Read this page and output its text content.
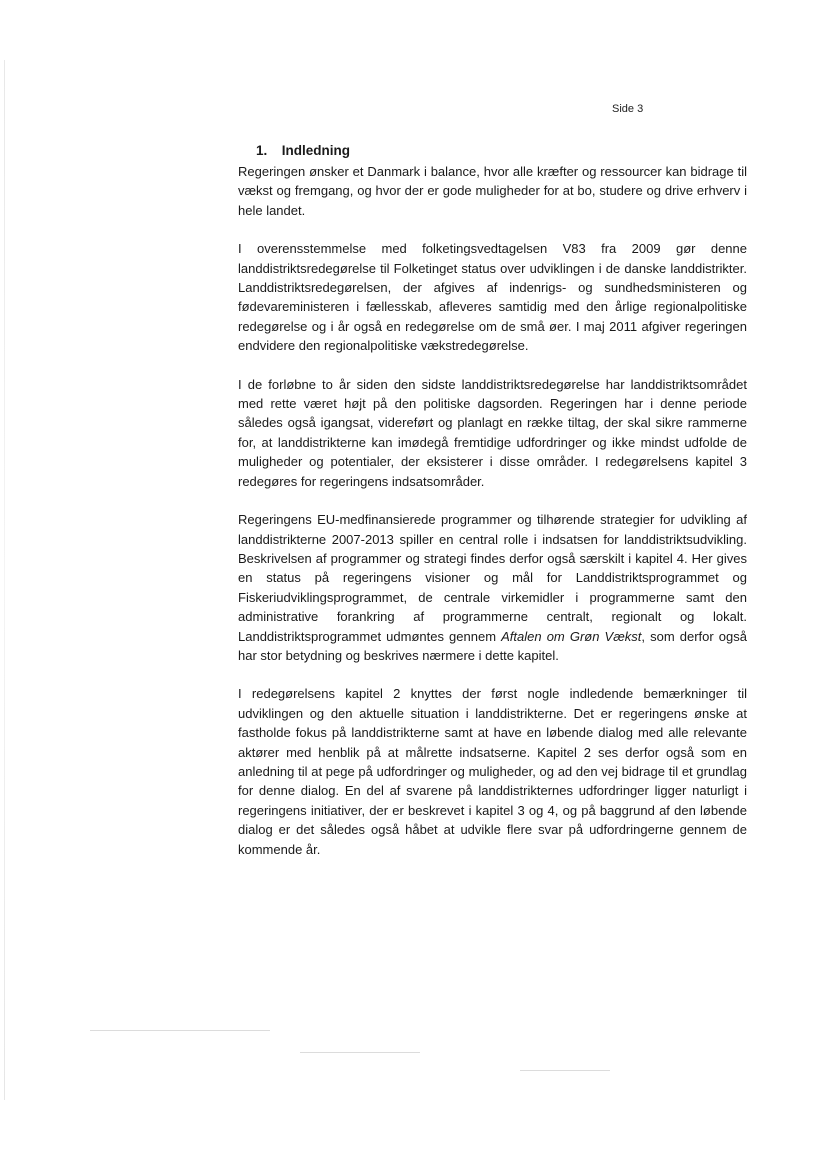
Side 3
1. Indledning

Regeringen ønsker et Danmark i balance, hvor alle kræfter og ressourcer kan bidrage til vækst og fremgang, og hvor der er gode muligheder for at bo, studere og drive erhverv i hele landet.

I overensstemmelse med folketingsvedtagelsen V83 fra 2009 gør denne landdistriktsredegørelse til Folketinget status over udviklingen i de danske landdistrikter. Landdistriktsredegørelsen, der afgives af indenrigs- og sundhedsministeren og fødevareministeren i fællesskab, afleveres samtidig med den årlige regionalpolitiske redegørelse og i år også en redegørelse om de små øer. I maj 2011 afgiver regeringen endvidere den regionalpolitiske vækstredegørelse.

I de forløbne to år siden den sidste landdistriktsredegørelse har landdistriktsområdet med rette været højt på den politiske dagsorden. Regeringen har i denne periode således også igangsat, videreført og planlagt en række tiltag, der skal sikre rammerne for, at landdistrikterne kan imødegå fremtidige udfordringer og ikke mindst udfolde de muligheder og potentialer, der eksisterer i disse områder. I redegørelsens kapitel 3 redegøres for regeringens indsatsområder.

Regeringens EU-medfinansierede programmer og tilhørende strategier for udvikling af landdistrikterne 2007-2013 spiller en central rolle i indsatsen for landdistriktsudvikling. Beskrivelsen af programmer og strategi findes derfor også særskilt i kapitel 4. Her gives en status på regeringens visioner og mål for Landdistriktsprogrammet og Fiskeriudviklingsprogrammet, de centrale virkemidler i programmerne samt den administrative forankring af programmerne centralt, regionalt og lokalt. Landdistriktsprogrammet udmøntes gennem Aftalen om Grøn Vækst, som derfor også har stor betydning og beskrives nærmere i dette kapitel.

I redegørelsens kapitel 2 knyttes der først nogle indledende bemærkninger til udviklingen og den aktuelle situation i landdistrikterne. Det er regeringens ønske at fastholde fokus på landdistrikterne samt at have en løbende dialog med alle relevante aktører med henblik på at målrette indsatserne. Kapitel 2 ses derfor også som en anledning til at pege på udfordringer og muligheder, og ad den vej bidrage til et grundlag for denne dialog. En del af svarene på landdistrikternes udfordringer ligger naturligt i regeringens initiativer, der er beskrevet i kapitel 3 og 4, og på baggrund af den løbende dialog er det således også håbet at udvikle flere svar på udfordringerne gennem de kommende år.
